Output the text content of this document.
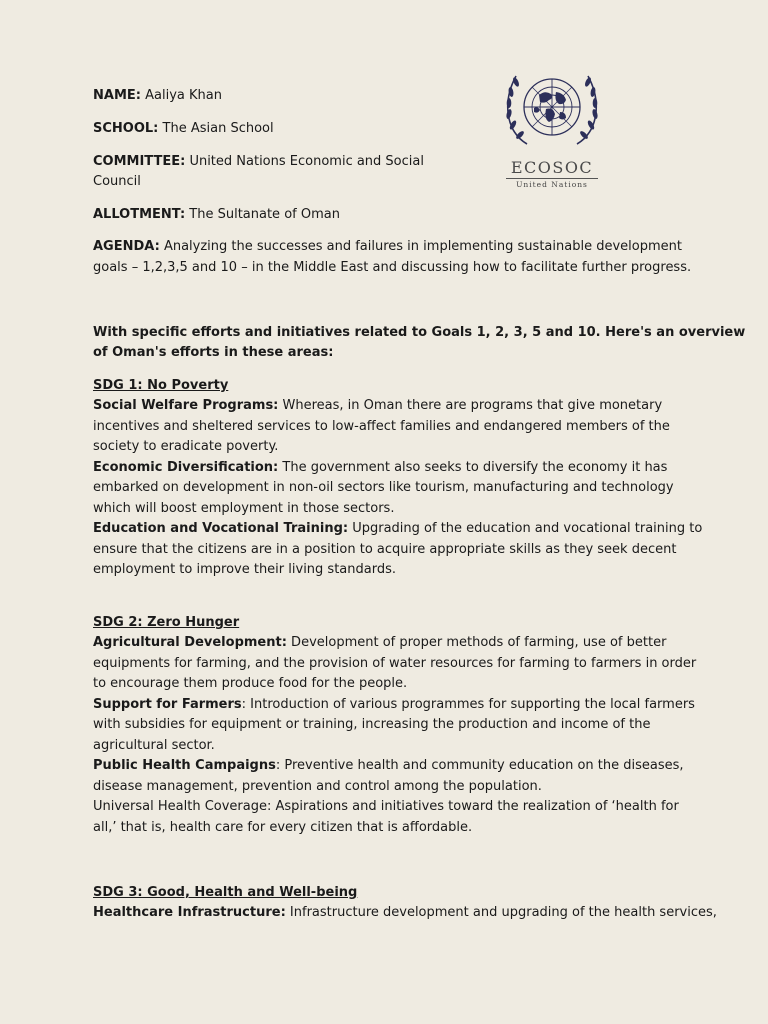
NAME: Aaliya Khan
SCHOOL: The Asian School
COMMITTEE: United Nations Economic and Social
Council
ALLOTMENT: The Sultanate of Oman
AGENDA: Analyzing the successes and failures in implementing sustainable development
goals – 1,2,3,5 and 10 – in the Middle East and discussing how to facilitate further progress.
ECOSOC
United Nations
With specific efforts and initiatives related to Goals 1, 2, 3, 5 and 10. Here's an overview
of Oman's efforts in these areas:
SDG 1: No Poverty
Social Welfare Programs: Whereas, in Oman there are programs that give monetary
incentives and sheltered services to low-affect families and endangered members of the
society to eradicate poverty.
Economic Diversification: The government also seeks to diversify the economy it has
embarked on development in non-oil sectors like tourism, manufacturing and technology
which will boost employment in those sectors.
Education and Vocational Training: Upgrading of the education and vocational training to
ensure that the citizens are in a position to acquire appropriate skills as they seek decent
employment to improve their living standards.
SDG 2: Zero Hunger
Agricultural Development: Development of proper methods of farming, use of better
equipments for farming, and the provision of water resources for farming to farmers in order
to encourage them produce food for the people.
Support for Farmers: Introduction of various programmes for supporting the local farmers
with subsidies for equipment or training, increasing the production and income of the
agricultural sector.
Public Health Campaigns: Preventive health and community education on the diseases,
disease management, prevention and control among the population.
Universal Health Coverage: Aspirations and initiatives toward the realization of ‘health for
all,’ that is, health care for every citizen that is affordable.
SDG 3: Good, Health and Well-being
Healthcare Infrastructure: Infrastructure development and upgrading of the health services,
